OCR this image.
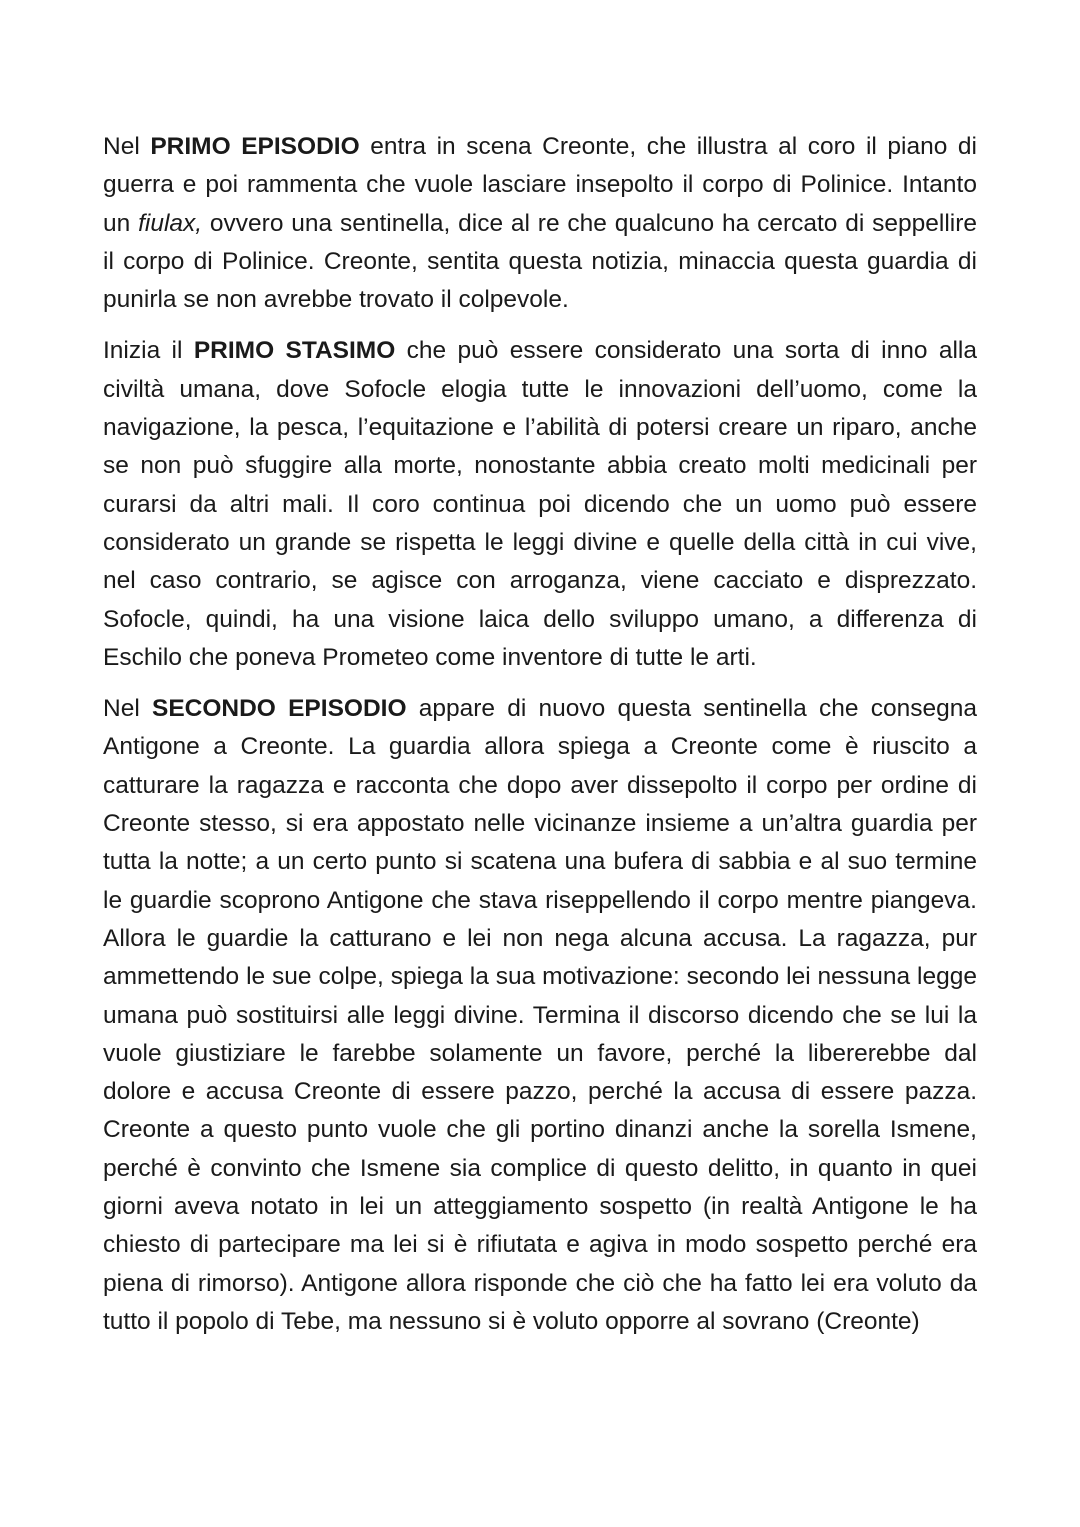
Nel PRIMO EPISODIO entra in scena Creonte, che illustra al coro il piano di guerra e poi rammenta che vuole lasciare insepolto il corpo di Polinice. Intanto un fiulax, ovvero una sentinella, dice al re che qualcuno ha cercato di seppellire il corpo di Polinice. Creonte, sentita questa notizia, minaccia questa guardia di punirla se non avrebbe trovato il colpevole.

Inizia il PRIMO STASIMO che può essere considerato una sorta di inno alla civiltà umana, dove Sofocle elogia tutte le innovazioni dell’uomo, come la navigazione, la pesca, l’equitazione e l’abilità di potersi creare un riparo, anche se non può sfuggire alla morte, nonostante abbia creato molti medicinali per curarsi da altri mali. Il coro continua poi dicendo che un uomo può essere considerato un grande se rispetta le leggi divine e quelle della città in cui vive, nel caso contrario, se agisce con arroganza, viene cacciato e disprezzato. Sofocle, quindi, ha una visione laica dello sviluppo umano, a differenza di Eschilo che poneva Prometeo come inventore di tutte le arti.

Nel SECONDO EPISODIO appare di nuovo questa sentinella che consegna Antigone a Creonte. La guardia allora spiega a Creonte come è riuscito a catturare la ragazza e racconta che dopo aver dissepolto il corpo per ordine di Creonte stesso, si era appostato nelle vicinanze insieme a un’altra guardia per tutta la notte; a un certo punto si scatena una bufera di sabbia e al suo termine le guardie scoprono Antigone che stava riseppellendo il corpo mentre piangeva. Allora le guardie la catturano e lei non nega alcuna accusa. La ragazza, pur ammettendo le sue colpe, spiega la sua motivazione: secondo lei nessuna legge umana può sostituirsi alle leggi divine. Termina il discorso dicendo che se lui la vuole giustiziare le farebbe solamente un favore, perché la libererebbe dal dolore e accusa Creonte di essere pazzo, perché la accusa di essere pazza. Creonte a questo punto vuole che gli portino dinanzi anche la sorella Ismene, perché è convinto che Ismene sia complice di questo delitto, in quanto in quei giorni aveva notato in lei un atteggiamento sospetto (in realtà Antigone le ha chiesto di partecipare ma lei si è rifiutata e agiva in modo sospetto perché era piena di rimorso). Antigone allora risponde che ciò che ha fatto lei era voluto da tutto il popolo di Tebe, ma nessuno si è voluto opporre al sovrano (Creonte)
